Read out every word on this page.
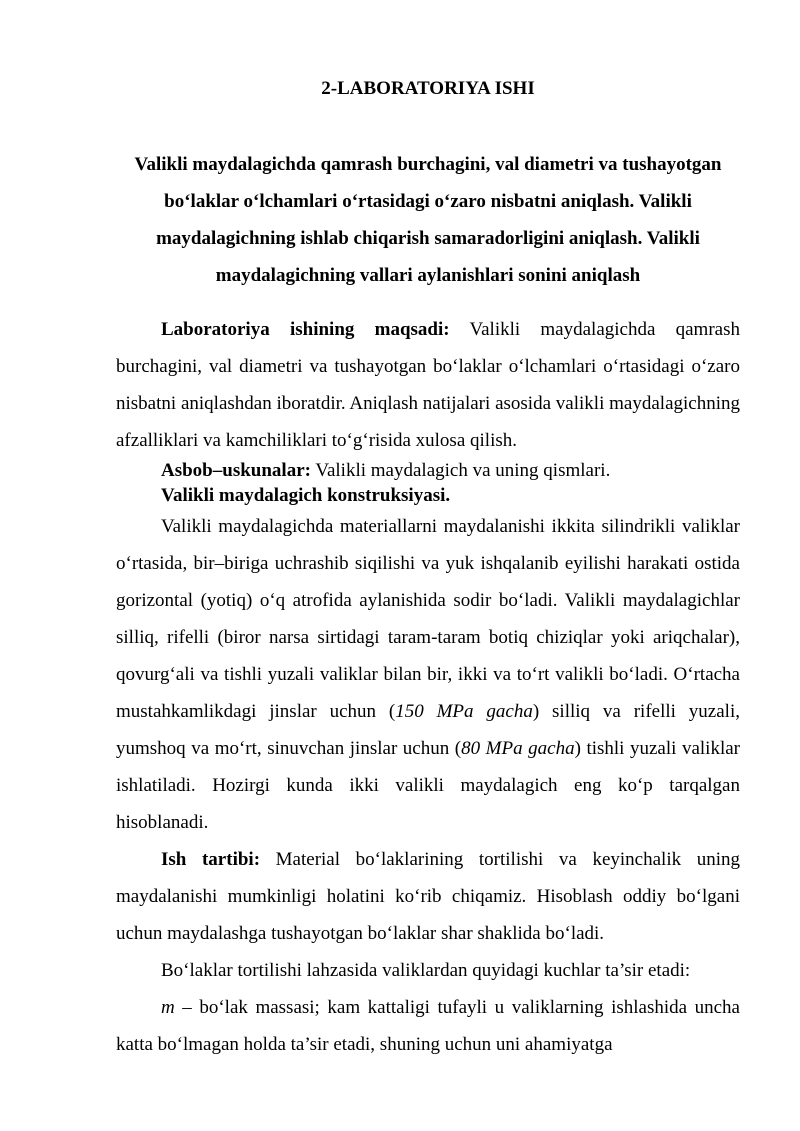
2-LABORATORIYA ISHI
Valikli maydalagichda qamrash burchagini, val diametri va tushayotgan bo‘laklar o‘lchamlari o‘rtasidagi o‘zaro nisbatni aniqlash. Valikli maydalagichning ishlab chiqarish samaradorligini aniqlash. Valikli maydalagichning vallari aylanishlari sonini aniqlash

Laboratoriya ishining maqsadi: Valikli maydalagichda qamrash burchagini, val diametri va tushayotgan bo‘laklar o‘lchamlari o‘rtasidagi o‘zaro nisbatni aniqlashdan iboratdir. Aniqlash natijalari asosida valikli maydalagichning afzalliklari va kamchiliklari to‘g‘risida xulosa qilish.

Asbob–uskunalar: Valikli maydalagich va uning qismlari.

Valikli maydalagich konstruksiyasi.

Valikli maydalagichda materiallarni maydalanishi ikkita silindrikli valiklar o‘rtasida, bir–biriga uchrashib siqilishi va yuk ishqalanib eyilishi harakati ostida gorizontal (yotiq) o‘q atrofida aylanishida sodir bo‘ladi. Valikli maydalagichlar silliq, rifelli (biror narsa sirtidagi taram-taram botiq chiziqlar yoki ariqchalar), qovurg‘ali va tishli yuzali valiklar bilan bir, ikki va to‘rt valikli bo‘ladi. O‘rtacha mustahkamlikdagi jinslar uchun (150 MPa gacha) silliq va rifelli yuzali, yumshoq va mo‘rt, sinuvchan jinslar uchun (80 MPa gacha) tishli yuzali valiklar ishlatiladi. Hozirgi kunda ikki valikli maydalagich eng ko‘p tarqalgan hisoblanadi.

Ish tartibi: Material bo‘laklarining tortilishi va keyinchalik uning maydalanishi mumkinligi holatini ko‘rib chiqamiz. Hisoblash oddiy bo‘lgani uchun maydalashga tushayotgan bo‘laklar shar shaklida bo‘ladi.

Bo‘laklar tortilishi lahzasida valiklardan quyidagi kuchlar ta’sir etadi:

m – bo‘lak massasi; kam kattaligi tufayli u valiklarning ishlashida uncha katta bo‘lmagan holda ta’sir etadi, shuning uchun uni ahamiyatga
